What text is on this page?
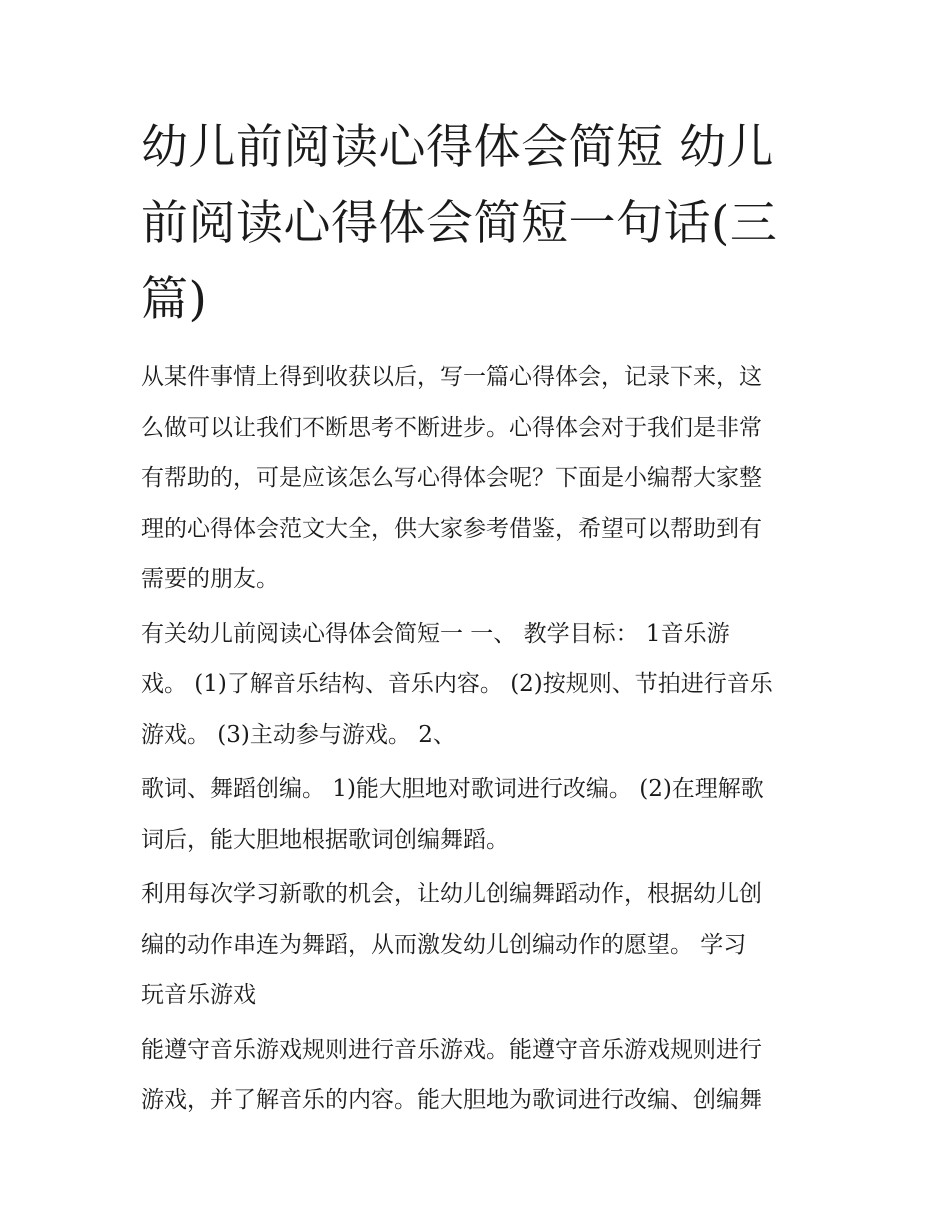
幼儿前阅读心得体会简短 幼儿
前阅读心得体会简短一句话(三
篇)

从某件事情上得到收获以后，写一篇心得体会，记录下来，这
么做可以让我们不断思考不断进步。心得体会对于我们是非常
有帮助的，可是应该怎么写心得体会呢？下面是小编帮大家整
理的心得体会范文大全，供大家参考借鉴，希望可以帮助到有
需要的朋友。

有关幼儿前阅读心得体会简短一 一、 教学目标： 1音乐游
戏。 (1)了解音乐结构、音乐内容。 (2)按规则、节拍进行音乐
游戏。 (3)主动参与游戏。 2、

歌词、舞蹈创编。 1)能大胆地对歌词进行改编。 (2)在理解歌
词后，能大胆地根据歌词创编舞蹈。

利用每次学习新歌的机会，让幼儿创编舞蹈动作，根据幼儿创
编的动作串连为舞蹈，从而激发幼儿创编动作的愿望。 学习
玩音乐游戏

能遵守音乐游戏规则进行音乐游戏。能遵守音乐游戏规则进行
游戏，并了解音乐的内容。能大胆地为歌词进行改编、创编舞
